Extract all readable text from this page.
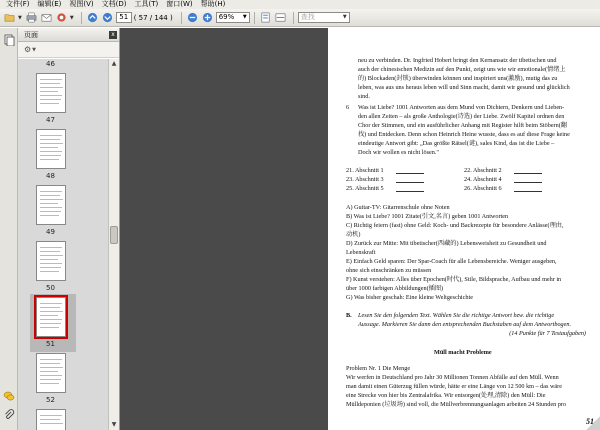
文件(F)	编辑(E)	视图(V)	文档(D)	工具(T)	窗口(W)	帮助(H)
▼	▼	51 ( 57 / 144 )	69% ▼	查找	▼
页面	x
⚙ ▼
46
47
48
49
50
51
52
▲
▼
neu zu verbinden. Dr. Ingfried Hobert bringt den Kernansatz der tibetischen und
auch der chinesischen Medizin auf den Punkt, zeigt uns wie wir emotionale(情绪上
的) Blockaden(封锁) überwinden können und inspiriert uns(激励), mutig das zu
leben, was aus uns heraus leben will und Sinn macht, damit wir gesund und glücklich
sind.
6 Was ist Liebe? 1001 Antworten aus dem Mund von Dichtern, Denkern und Lieben-
den allen Zeiten – als große Anthologie(诗选) der Liebe. Zwölf Kapitel ordnen den
Chor der Stimmen, und ein ausführlicher Anhang mit Register hilft beim Stöbern(翻
找) und Entdecken. Denn schon Heinrich Heine wusste, dass es auf diese Frage keine
eindeutige Antwort gibt: „Das größte Rätsel(谜), sales Kind, das ist die Liebe –
Doch wir wollen es nicht lösen."
21. Abschnitt 1	22. Abschnitt 2
23. Abschnitt 3	24. Abschnitt 4
25. Abschnitt 5	26. Abschnitt 6
A) Guitar-TV: Gitarrenschule ohne Noten
B) Was ist Liebe? 1001 Zitate(引文,名言) geben 1001 Antworten
C) Richtig feiern (fast) ohne Geld: Koch- und Backrezepte für besondere Anlässe(理由,
动机)
D) Zurück zur Mitte: Mit tibetischer(西藏的) Lebensweisheit zu Gesundheit und
Lebenskraft
E) Einfach Geld sparen: Der Spar-Coach für alle Lebensbereiche. Weniger ausgeben,
ohne sich einschränken zu müssen
F) Kunst verstehen: Alles über Epochen(时代), Stile, Bildsprache, Aufbau und mehr in
über 1000 farbigen Abbildungen(插图)
G) Was bisher geschah: Eine kleine Weltgeschichte
B. Lesen Sie den folgenden Text. Wählen Sie die richtige Antwort bzw. die richtige
Aussage. Markieren Sie dann den entsprechenden Buchstaben auf dem Antwortbogen.
(14 Punkte für 7 Testaufgaben)
Müll macht Probleme
Problem Nr. 1 Die Menge
Wir werfen in Deutschland pro Jahr 30 Millionen Tonnen Abfälle auf den Müll. Wenn
man damit einen Güterzug füllen würde, hätte er eine Länge von 12 500 km – das wäre
eine Strecke von hier bis Zentralafrika. Wir entsorgen(处理,清除) den Müll: Die
Mülldeponien (垃圾场) sind voll, die Müllverbrennungsanlagen arbeiten 24 Stunden pro
51
